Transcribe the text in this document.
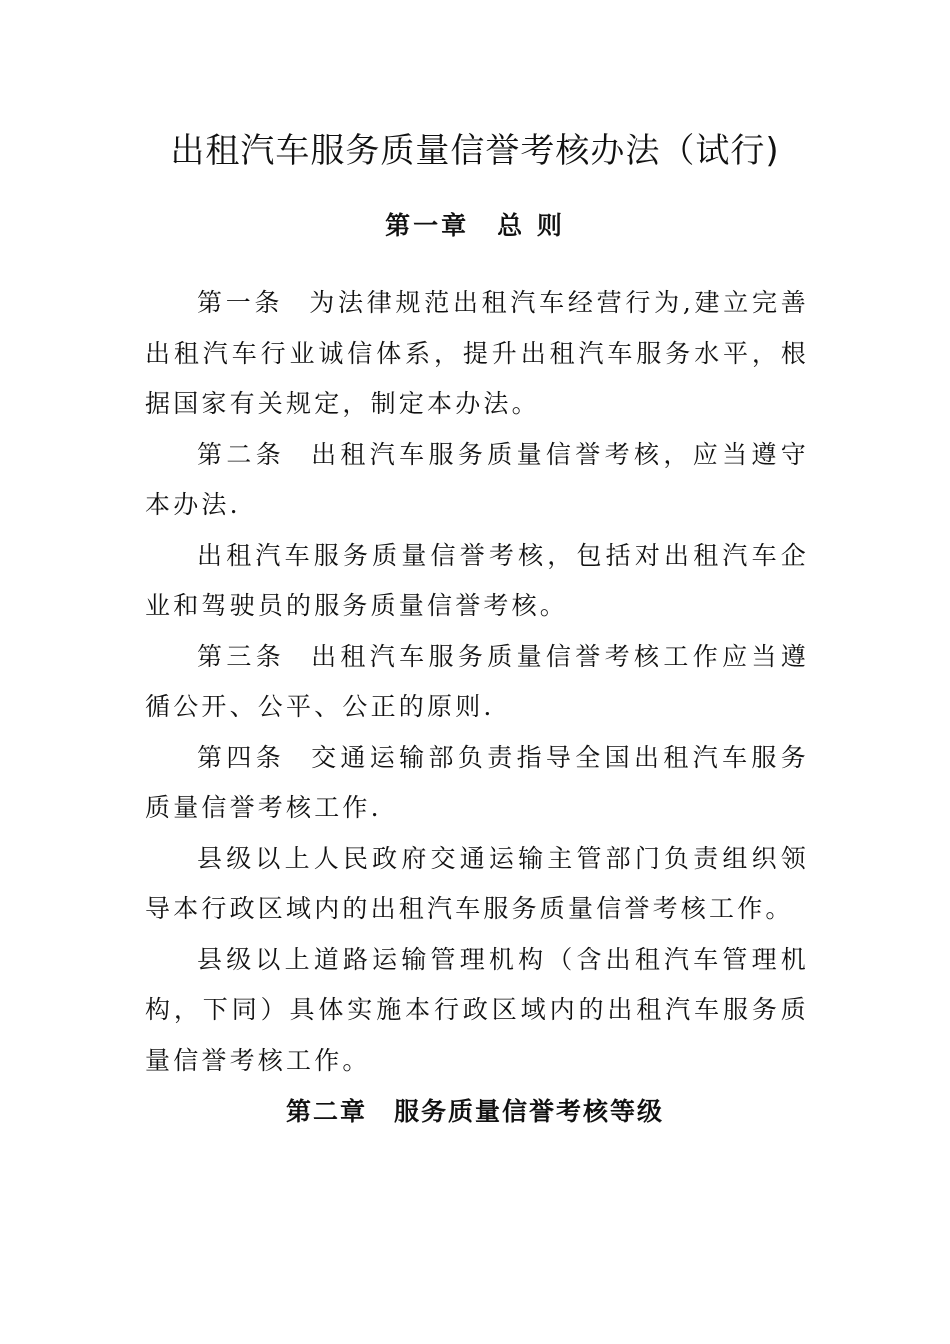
出租汽车服务质量信誉考核办法（试行)
第一章　总 则

第一条 为法律规范出租汽车经营行为,建立完善出租汽车行业诚信体系，提升出租汽车服务水平，根据国家有关规定，制定本办法。

第二条 出租汽车服务质量信誉考核，应当遵守本办法.

出租汽车服务质量信誉考核，包括对出租汽车企业和驾驶员的服务质量信誉考核。

第三条 出租汽车服务质量信誉考核工作应当遵循公开、公平、公正的原则.

第四条 交通运输部负责指导全国出租汽车服务质量信誉考核工作.

县级以上人民政府交通运输主管部门负责组织领导本行政区域内的出租汽车服务质量信誉考核工作。

县级以上道路运输管理机构（含出租汽车管理机构，下同）具体实施本行政区域内的出租汽车服务质量信誉考核工作。

第二章　服务质量信誉考核等级
